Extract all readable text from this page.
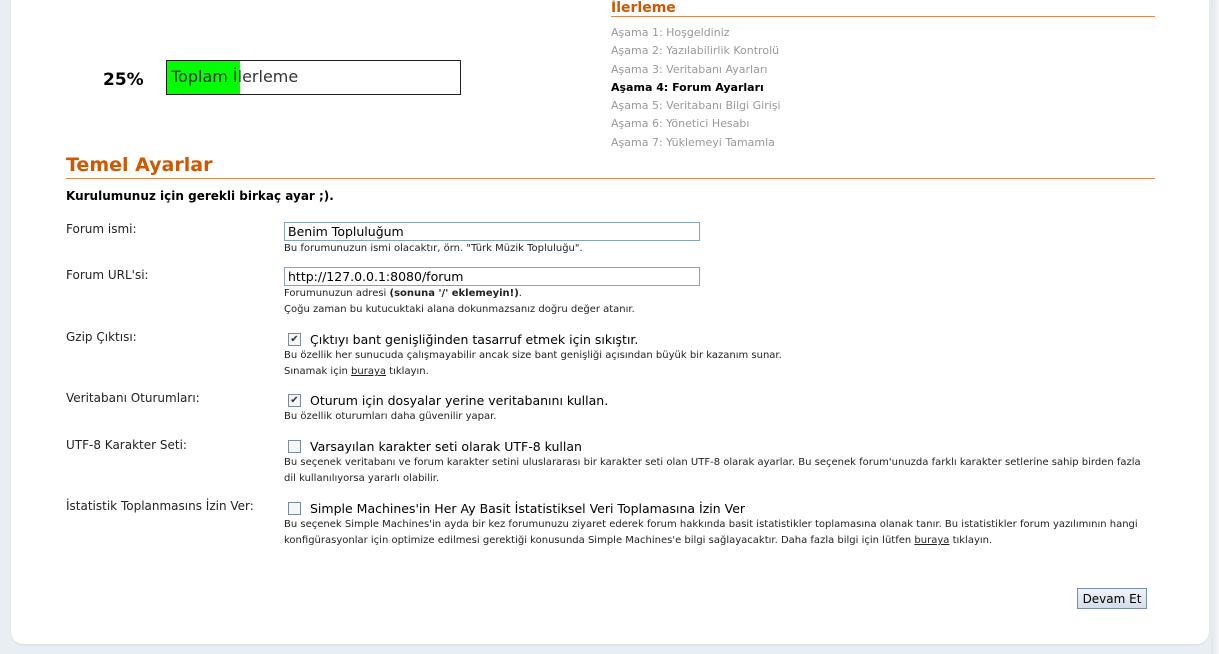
25% Toplam İlerleme
İlerleme
Aşama 1: Hoşgeldiniz
Aşama 2: Yazılabilirlik Kontrolü
Aşama 3: Veritabanı Ayarları
Aşama 4: Forum Ayarları
Aşama 5: Veritabanı Bilgi Girişi
Aşama 6: Yönetici Hesabı
Aşama 7: Yüklemeyi Tamamla
Temel Ayarlar
Kurulumunuz için gerekli birkaç ayar ;).
Forum ismi:
Benim Topluluğum
Bu forumunuzun ismi olacaktır, örn. "Türk Müzik Topluluğu".
Forum URL'si:
http://127.0.0.1:8080/forum
Forumunuzun adresi (sonuna '/' eklemeyin!).
Çoğu zaman bu kutucuktaki alana dokunmazsanız doğru değer atanır.
Gzip Çıktısı:	✔ Çıktıyı bant genişliğinden tasarruf etmek için sıkıştır.
Bu özellik her sunucuda çalışmayabilir ancak size bant genişliği açısından büyük bir kazanım sunar.
Sınamak için buraya tıklayın.
Veritabanı Oturumları:	✔ Oturum için dosyalar yerine veritabanını kullan.
Bu özellik oturumları daha güvenilir yapar.
UTF-8 Karakter Seti:	Varsayılan karakter seti olarak UTF-8 kullan
Bu seçenek veritabanı ve forum karakter setini uluslararası bir karakter seti olan UTF-8 olarak ayarlar. Bu seçenek forum'unuzda farklı karakter setlerine sahip birden fazla dil kullanılıyorsa yararlı olabilir.
İstatistik Toplanmasıns İzin Ver:	Simple Machines'in Her Ay Basit İstatistiksel Veri Toplamasına İzin Ver
Bu seçenek Simple Machines'in ayda bir kez forumunuzu ziyaret ederek forum hakkında basit istatistikler toplamasına olanak tanır. Bu istatistikler forum yazılımının hangi konfigürasyonlar için optimize edilmesi gerektiği konusunda Simple Machines'e bilgi sağlayacaktır. Daha fazla bilgi için lütfen buraya tıklayın.
Devam Et
